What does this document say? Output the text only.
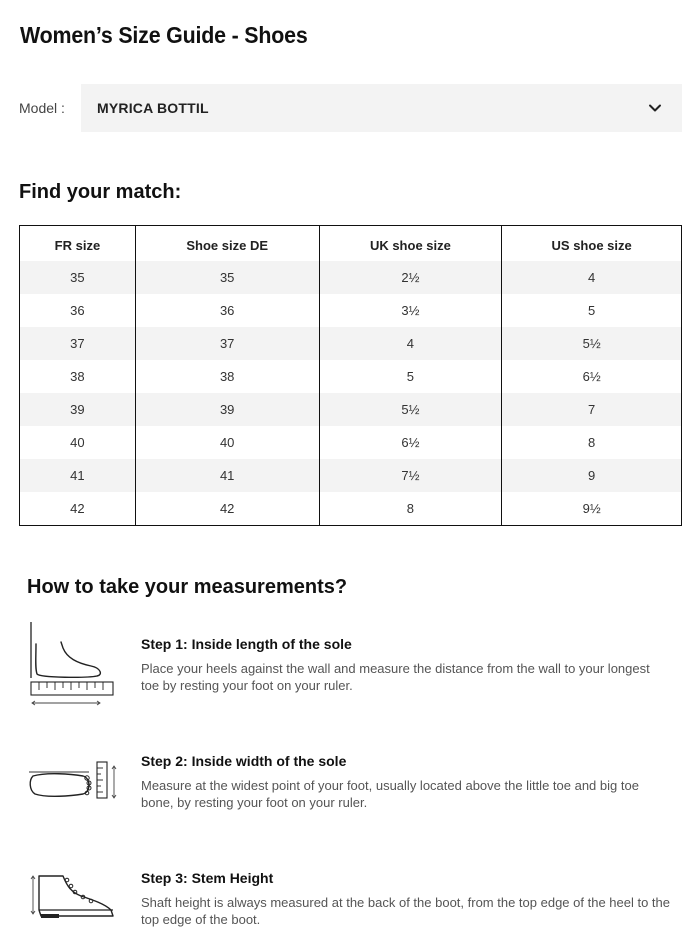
Women’s Size Guide - Shoes
Model : MYRICA BOTTIL
Find your match:
FR size	Shoe size DE	UK shoe size	US shoe size
35	35	2½	4
36	36	3½	5
37	37	4	5½
38	38	5	6½
39	39	5½	7
40	40	6½	8
41	41	7½	9
42	42	8	9½
How to take your measurements?
Step 1: Inside length of the sole
Place your heels against the wall and measure the distance from the wall to your longest toe by resting your foot on your ruler.
Step 2: Inside width of the sole
Measure at the widest point of your foot, usually located above the little toe and big toe bone, by resting your foot on your ruler.
Step 3: Stem Height
Shaft height is always measured at the back of the boot, from the top edge of the heel to the top edge of the boot.
